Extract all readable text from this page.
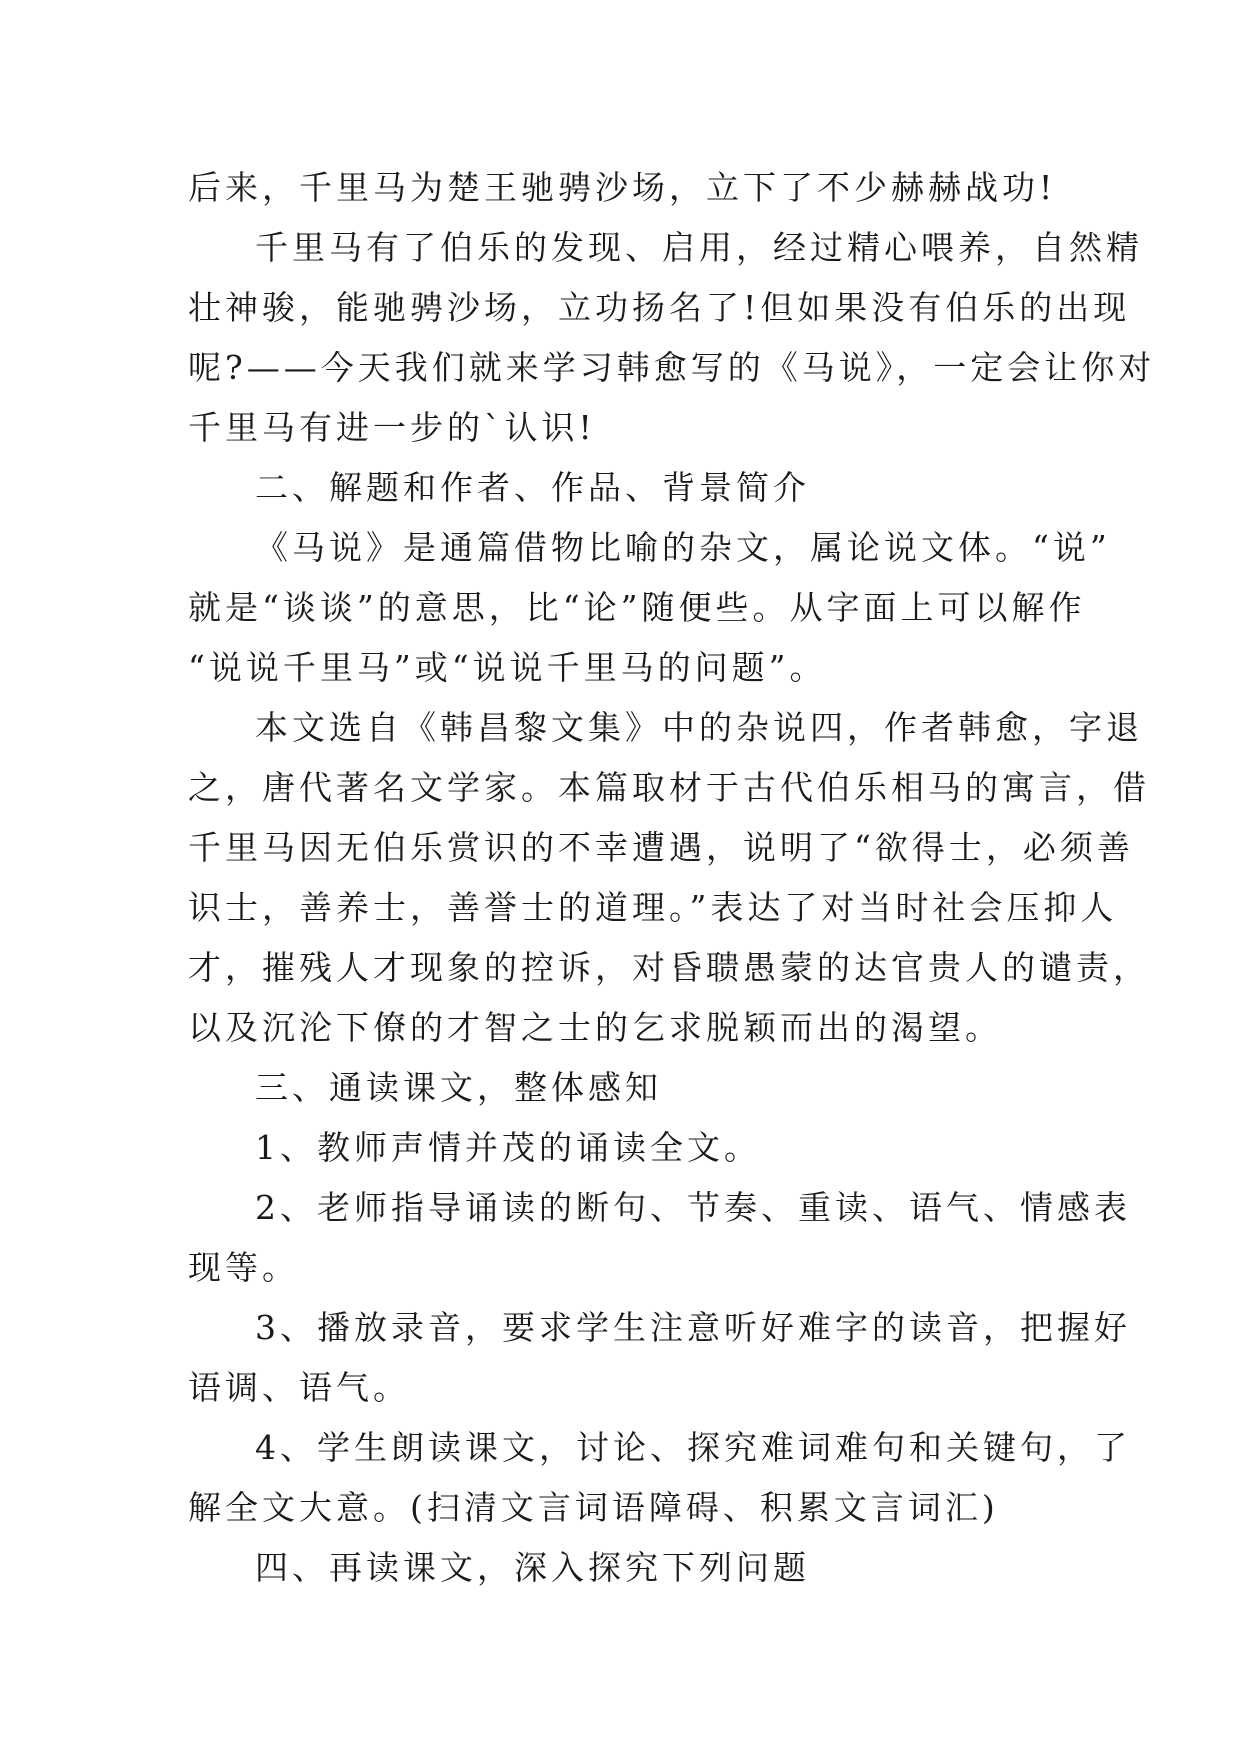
后来，千里马为楚王驰骋沙场，立下了不少赫赫战功!
千里马有了伯乐的发现、启用，经过精心喂养，自然精
壮神骏，能驰骋沙场，立功扬名了!但如果没有伯乐的出现
呢?——今天我们就来学习韩愈写的《马说》，一定会让你对
千里马有进一步的`认识!
二、解题和作者、作品、背景简介
《马说》是通篇借物比喻的杂文，属论说文体。“说”
就是“谈谈”的意思，比“论”随便些。从字面上可以解作
“说说千里马”或“说说千里马的问题”。
本文选自《韩昌黎文集》中的杂说四，作者韩愈，字退
之，唐代著名文学家。本篇取材于古代伯乐相马的寓言，借
千里马因无伯乐赏识的不幸遭遇，说明了“欲得士，必须善
识士，善养士，善誉士的道理。”表达了对当时社会压抑人
才，摧残人才现象的控诉，对昏聩愚蒙的达官贵人的谴责，
以及沉沦下僚的才智之士的乞求脱颖而出的渴望。
三、通读课文，整体感知
1、教师声情并茂的诵读全文。
2、老师指导诵读的断句、节奏、重读、语气、情感表
现等。
3、播放录音，要求学生注意听好难字的读音，把握好
语调、语气。
4、学生朗读课文，讨论、探究难词难句和关键句，了
解全文大意。(扫清文言词语障碍、积累文言词汇)
四、再读课文，深入探究下列问题
